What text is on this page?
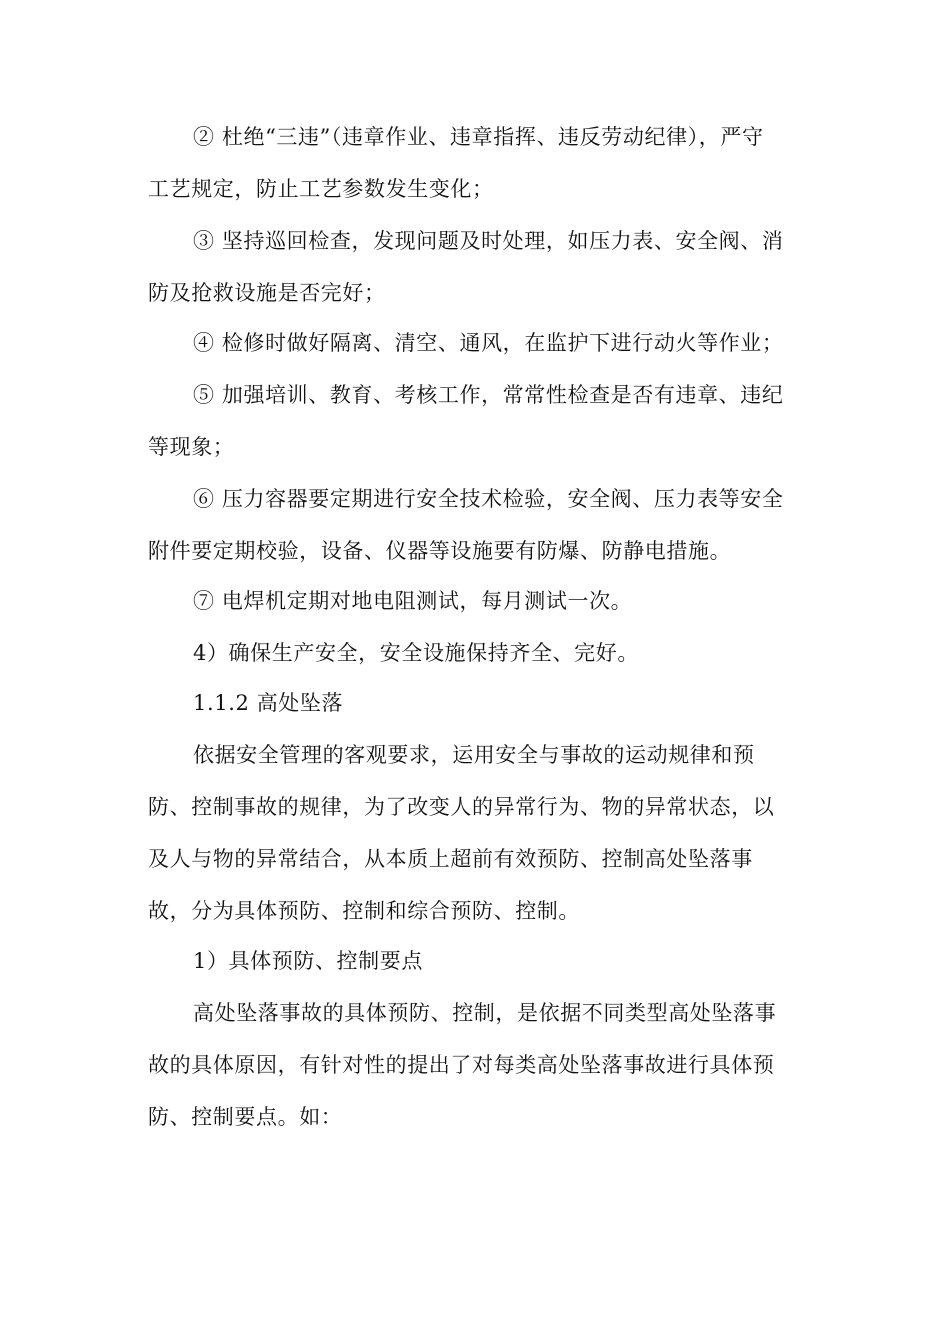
② 杜绝“三违”（违章作业、违章指挥、违反劳动纪律），严守
工艺规定，防止工艺参数发生变化；
③ 坚持巡回检查，发现问题及时处理，如压力表、安全阀、消
防及抢救设施是否完好；
④ 检修时做好隔离、清空、通风，在监护下进行动火等作业；
⑤ 加强培训、教育、考核工作，常常性检查是否有违章、违纪
等现象；
⑥ 压力容器要定期进行安全技术检验，安全阀、压力表等安全
附件要定期校验，设备、仪器等设施要有防爆、防静电措施。
⑦ 电焊机定期对地电阻测试，每月测试一次。
4）确保生产安全，安全设施保持齐全、完好。
1.1.2 高处坠落
依据安全管理的客观要求，运用安全与事故的运动规律和预
防、控制事故的规律，为了改变人的异常行为、物的异常状态，以
及人与物的异常结合，从本质上超前有效预防、控制高处坠落事
故，分为具体预防、控制和综合预防、控制。
1）具体预防、控制要点
高处坠落事故的具体预防、控制，是依据不同类型高处坠落事
故的具体原因，有针对性的提出了对每类高处坠落事故进行具体预
防、控制要点。如：
